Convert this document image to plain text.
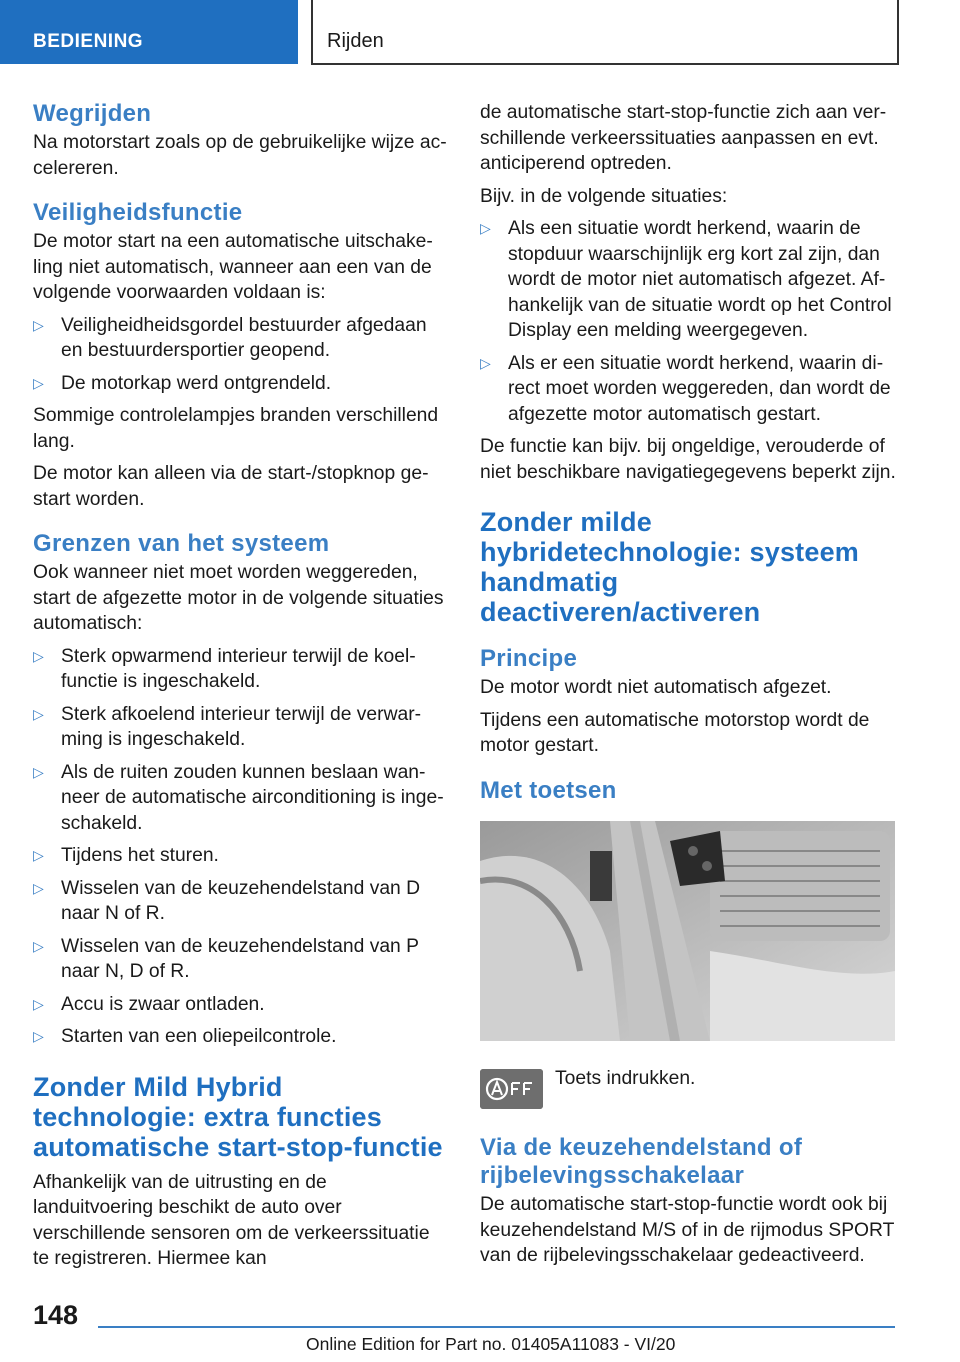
BEDIENING	Rijden
Wegrijden

Na motorstart zoals op de gebruikelijke wijze accelereren.

Veiligheidsfunctie

De motor start na een automatische uitschakeling niet automatisch, wanneer aan een van de volgende voorwaarden voldaan is:

▷ Veiligheidheidsgordel bestuurder afgedaan en bestuurdersportier geopend.
▷ De motorkap werd ontgrendeld.

Sommige controlelampjes branden verschillend lang.

De motor kan alleen via de start-/stopknop gestart worden.

Grenzen van het systeem

Ook wanneer niet moet worden weggereden, start de afgezette motor in de volgende situaties automatisch:

▷ Sterk opwarmend interieur terwijl de koelfunctie is ingeschakeld.
▷ Sterk afkoelend interieur terwijl de verwarming is ingeschakeld.
▷ Als de ruiten zouden kunnen beslaan wanneer de automatische airconditioning is ingeschakeld.
▷ Tijdens het sturen.
▷ Wisselen van de keuzehendelstand van D naar N of R.
▷ Wisselen van de keuzehendelstand van P naar N, D of R.
▷ Accu is zwaar ontladen.
▷ Starten van een oliepeilcontrole.
Zonder Mild Hybrid technologie: extra functies automatische start-stop-functie

Afhankelijk van de uitrusting en de landuitvoering beschikt de auto over verschillende sensoren om de verkeerssituatie te registreren. Hiermee kan

de automatische start-stop-functie zich aan verschillende verkeerssituaties aanpassen en evt. anticiperend optreden.

Bijv. in de volgende situaties:

▷ Als een situatie wordt herkend, waarin de stopduur waarschijnlijk erg kort zal zijn, dan wordt de motor niet automatisch afgezet. Afhankelijk van de situatie wordt op het Control Display een melding weergegeven.
▷ Als er een situatie wordt herkend, waarin direct moet worden weggereden, dan wordt de afgezette motor automatisch gestart.

De functie kan bijv. bij ongeldige, verouderde of niet beschikbare navigatiegegevens beperkt zijn.

Zonder milde hybridetechnologie: systeem handmatig deactiveren/activeren
Principe

De motor wordt niet automatisch afgezet.

Tijdens een automatische motorstop wordt de motor gestart.

Met toetsen
Toets indrukken.
Via de keuzehendelstand of rijbelevingsschakelaar

De automatische start-stop-functie wordt ook bij keuzehendelstand M/S of in de rijmodus SPORT van de rijbelevingsschakelaar gedeactiveerd.

148
Online Edition for Part no. 01405A11083 - VI/20
